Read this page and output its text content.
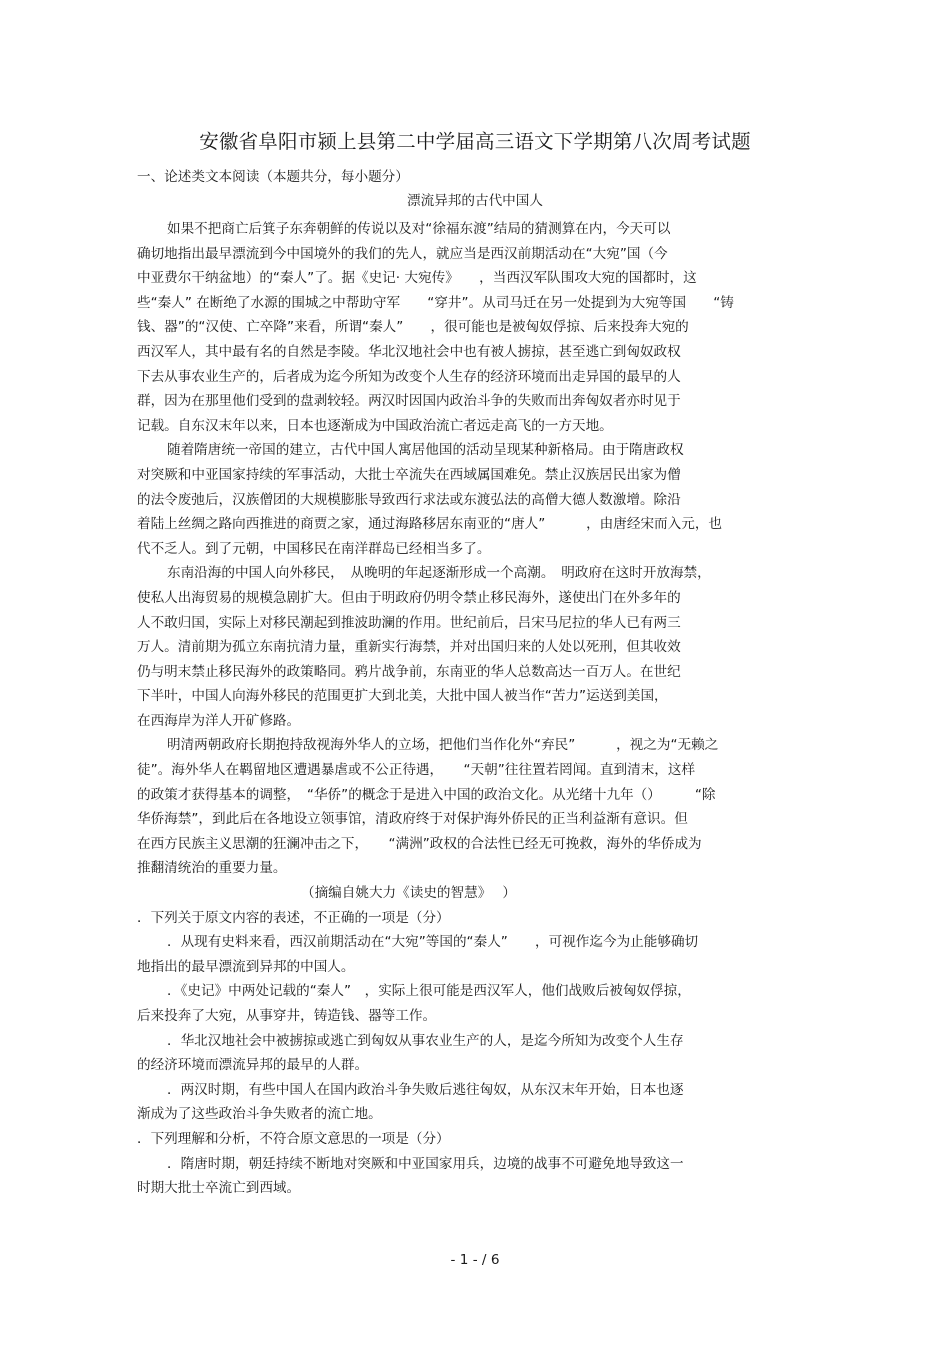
安徽省阜阳市颍上县第二中学届高三语文下学期第八次周考试题
一、论述类文本阅读（本题共分，每小题分）
漂流异邦的古代中国人
如果不把商亡后箕子东奔朝鲜的传说以及对“徐福东渡”结局的猜测算在内，今天可以
确切地指出最早漂流到今中国境外的我们的先人，就应当是西汉前期活动在“大宛”国（今
中亚费尔干纳盆地）的“秦人”了。据《史记· 大宛传》　　，当西汉军队围攻大宛的国都时，这
些“秦人” 在断绝了水源的围城之中帮助守军　　“穿井”。从司马迁在另一处提到为大宛等国　　“铸
钱、器”的“汉使、亡卒降”来看，所谓“秦人”　　，很可能也是被匈奴俘掠、后来投奔大宛的
西汉军人，其中最有名的自然是李陵。华北汉地社会中也有被人掳掠，甚至逃亡到匈奴政权
下去从事农业生产的，后者成为迄今所知为改变个人生存的经济环境而出走异国的最早的人
群，因为在那里他们受到的盘剥较轻。两汉时因国内政治斗争的失败而出奔匈奴者亦时见于
记载。自东汉末年以来，日本也逐渐成为中国政治流亡者远走高飞的一方天地。
随着隋唐统一帝国的建立，古代中国人寓居他国的活动呈现某种新格局。由于隋唐政权
对突厥和中亚国家持续的军事活动，大批士卒流失在西域属国难免。禁止汉族居民出家为僧
的法令废弛后，汉族僧团的大规模膨胀导致西行求法或东渡弘法的高僧大德人数激增。除沿
着陆上丝绸之路向西推进的商贾之家，通过海路移居东南亚的“唐人”　　　，由唐经宋而入元，也
代不乏人。到了元朝，中国移民在南洋群岛已经相当多了。
东南沿海的中国人向外移民，　从晚明的年起逐渐形成一个高潮。　明政府在这时开放海禁，
使私人出海贸易的规模急剧扩大。但由于明政府仍明令禁止移民海外，遂使出门在外多年的
人不敢归国，实际上对移民潮起到推波助澜的作用。世纪前后，吕宋马尼拉的华人已有两三
万人。清前期为孤立东南抗清力量，重新实行海禁，并对出国归来的人处以死刑，但其收效
仍与明末禁止移民海外的政策略同。鸦片战争前，东南亚的华人总数高达一百万人。在世纪
下半叶，中国人向海外移民的范围更扩大到北美，大批中国人被当作“苦力”运送到美国，
在西海岸为洋人开矿修路。
明清两朝政府长期抱持敌视海外华人的立场，把他们当作化外“弃民”　　　，视之为“无赖之
徒”。海外华人在羁留地区遭遇暴虐或不公正待遇，　　“天朝”往往置若罔闻。直到清末，这样
的政策才获得基本的调整，　“华侨”的概念于是进入中国的政治文化。从光绪十九年（）　　　“除
华侨海禁”，到此后在各地设立领事馆，清政府终于对保护海外侨民的正当利益渐有意识。但
在西方民族主义思潮的狂澜冲击之下，　　“满洲”政权的合法性已经无可挽救，海外的华侨成为
推翻清统治的重要力量。
（摘编自姚大力《读史的智慧》　 ）
．下列关于原文内容的表述，不正确的一项是（分）
．从现有史料来看，西汉前期活动在“大宛”等国的“秦人”　　，可视作迄今为止能够确切
地指出的最早漂流到异邦的中国人。
．《史记》中两处记载的“秦人”　，实际上很可能是西汉军人，他们战败后被匈奴俘掠，
后来投奔了大宛，从事穿井，铸造钱、器等工作。
．华北汉地社会中被掳掠或逃亡到匈奴从事农业生产的人，是迄今所知为改变个人生存
的经济环境而漂流异邦的最早的人群。
．两汉时期，有些中国人在国内政治斗争失败后逃往匈奴，从东汉末年开始，日本也逐
渐成为了这些政治斗争失败者的流亡地。
．下列理解和分析，不符合原文意思的一项是（分）
．隋唐时期，朝廷持续不断地对突厥和中亚国家用兵，边境的战事不可避免地导致这一
时期大批士卒流亡到西域。
- 1 - / 6
